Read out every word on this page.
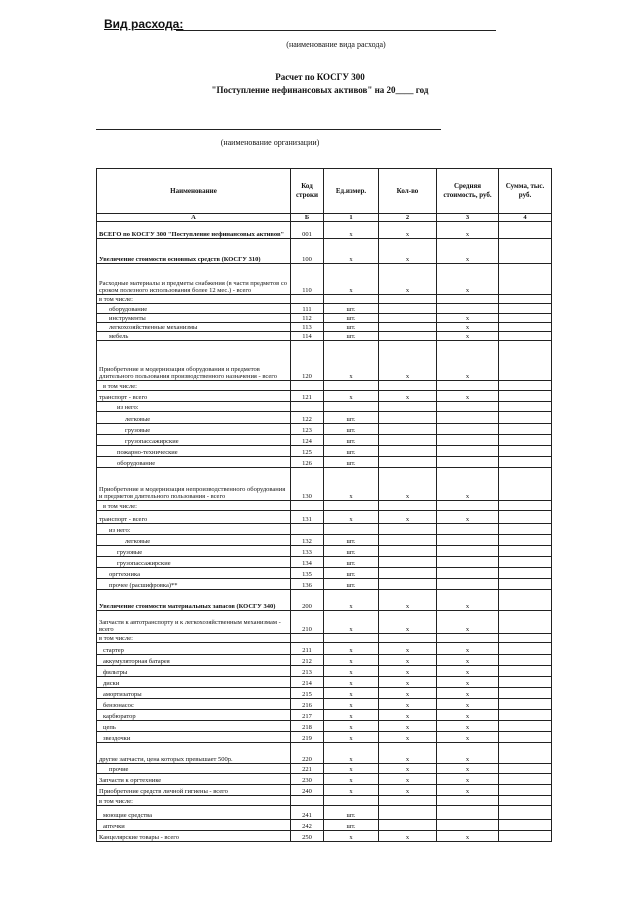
Вид расхода:
(наименование вида расхода)
Расчет по КОСГУ 300
"Поступление нефинансовых активов" на 20____ год
(наименование организации)
Наименование	Код строки	Ед.измер.	Кол-во	Средняя стоимость, руб.	Сумма, тыс. руб.
А	Б	1	2	3	4
ВСЕГО по КОСГУ 300 "Поступление нефинансовых активов"	001	x	x	x	
Увеличение стоимости основных средств (КОСГУ 310)	100	x	x	x	
Расходные материалы и предметы снабжения (в части предметов со сроком полезного использования более 12 мес.) - всего	110	x	x	x	
в том числе:					
оборудование	111	шт.			
инструменты	112	шт.		x	
легкохозяйственные механизмы	113	шт.		x	
мебель	114	шт.		x	
Приобретение и модернизация оборудования и предметов длительного пользования производственного назначения - всего	120	x	x	x	
в том числе:					
транспорт - всего	121	x	x	x	
из него:					
легковые	122	шт.			
грузовые	123	шт.			
грузопассажирские	124	шт.			
пожарно-технические	125	шт.			
оборудование	126	шт.			
Приобретение и модернизация непроизводственного оборудования и предметов длительного пользования - всего	130	x	x	x	
в том числе:					
транспорт - всего	131	x	x	x	
из него:					
легковые	132	шт.			
грузовые	133	шт.			
грузопассажирские	134	шт.			
оргтехника	135	шт.			
прочее (расшифровка)**	136	шт.			
Увеличение стоимости материальных запасов (КОСГУ 340)	200	x	x	x	
Запчасти к автотранспорту и к легкохозяйственным механизмам - всего	210	x	x	x	
в том числе:					
стартер	211	x	x	x	
аккумуляторная батарея	212	x	x	x	
фильтры	213	x	x	x	
диски	214	x	x	x	
амортизаторы	215	x	x	x	
бензонасос	216	x	x	x	
карбюратор	217	x	x	x	
цепь	218	x	x	x	
звездочки	219	x	x	x	
другие запчасти, цена которых превышает 500р.	220	x	x	x	
прочие	221	x	x	x	
Запчасти к оргтехнике	230	x	x	x	
Приобретение средств личной гигиены - всего	240	x	x	x	
в том числе:					
моющие средства	241	шт.			
аптечки	242	шт.			
Канцелярские товары - всего	250	x	x	x	
